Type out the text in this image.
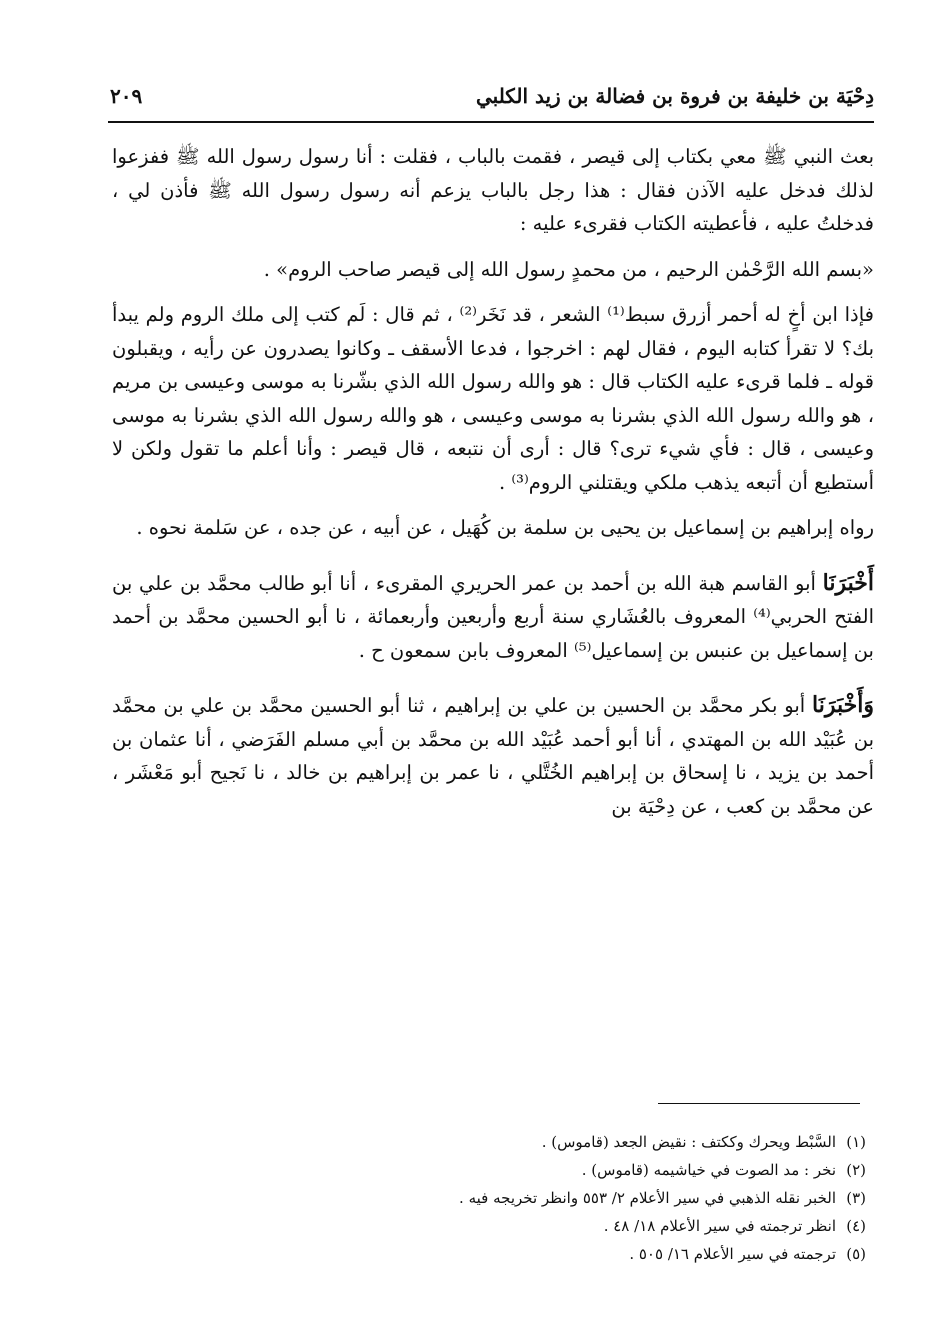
دِحْيَة بن خليفة بن فروة بن فضالة بن زيد الكلبي
٢٠٩

بعث النبي ﷺ معي بكتاب إلى قيصر ، فقمت بالباب ، فقلت : أنا رسول رسول الله ﷺ ففزعوا لذلك فدخل عليه الآذن فقال : هذا رجل بالباب يزعم أنه رسول رسول الله ﷺ فأذن لي ، فدخلتُ عليه ، فأعطيته الكتاب فقرىء عليه :

«بسم الله الرَّحْمٰن الرحيم ، من محمدٍ رسول الله إلى قيصر صاحب الروم» .

فإذا ابن أخٍ له أحمر أزرق سبط⁽¹⁾ الشعر ، قد نَخَر⁽²⁾ ، ثم قال : لَم كتب إلى ملك الروم ولم يبدأ بك؟ لا تقرأ كتابه اليوم ، فقال لهم : اخرجوا ، فدعا الأسقف ـ وكانوا يصدرون عن رأيه ، ويقبلون قوله ـ فلما قرىء عليه الكتاب قال : هو والله رسول الله الذي بشّرنا به موسى وعيسى بن مريم ، هو والله رسول الله الذي بشرنا به موسى وعيسى ، هو والله رسول الله الذي بشرنا به موسى وعيسى ، قال : فأي شيء ترى؟ قال : أرى أن نتبعه ، قال قيصر : وأنا أعلم ما تقول ولكن لا أستطيع أن أتبعه يذهب ملكي ويقتلني الروم⁽³⁾ .

رواه إبراهيم بن إسماعيل بن يحيى بن سلمة بن كُهَيل ، عن أبيه ، عن جده ، عن سَلمة نحوه .

أَخْبَرَنَا أبو القاسم هبة الله بن أحمد بن عمر الحريري المقرىء ، أنا أبو طالب محمَّد بن علي بن الفتح الحربي⁽⁴⁾ المعروف بالعُشَاري سنة أربع وأربعين وأربعمائة ، نا أبو الحسين محمَّد بن أحمد بن إسماعيل بن عنبس بن إسماعيل⁽⁵⁾ المعروف بابن سمعون ح .

وَأَخْبَرَنَا أبو بكر محمَّد بن الحسين بن علي بن إبراهيم ، ثنا أبو الحسين محمَّد بن علي بن محمَّد بن عُبَيْد الله بن المهتدي ، أنا أبو أحمد عُبَيْد الله بن محمَّد بن أبي مسلم الفَرَضي ، أنا عثمان بن أحمد بن يزيد ، نا إسحاق بن إبراهيم الخُتَّلي ، نا عمر بن إبراهيم بن خالد ، نا نَجيح أبو مَعْشَر ، عن محمَّد بن كعب ، عن دِحْيَة بن

(١)
السَّبْط ويحرك وككتف : نقيض الجعد (قاموس) .
(٢)
نخر : مد الصوت في خياشيمه (قاموس) .
(٣)
الخبر نقله الذهبي في سير الأعلام ٢/ ٥٥٣ وانظر تخريجه فيه .
(٤)
انظر ترجمته في سير الأعلام ١٨/ ٤٨ .
(٥)
ترجمته في سير الأعلام ١٦/ ٥٠٥ .
